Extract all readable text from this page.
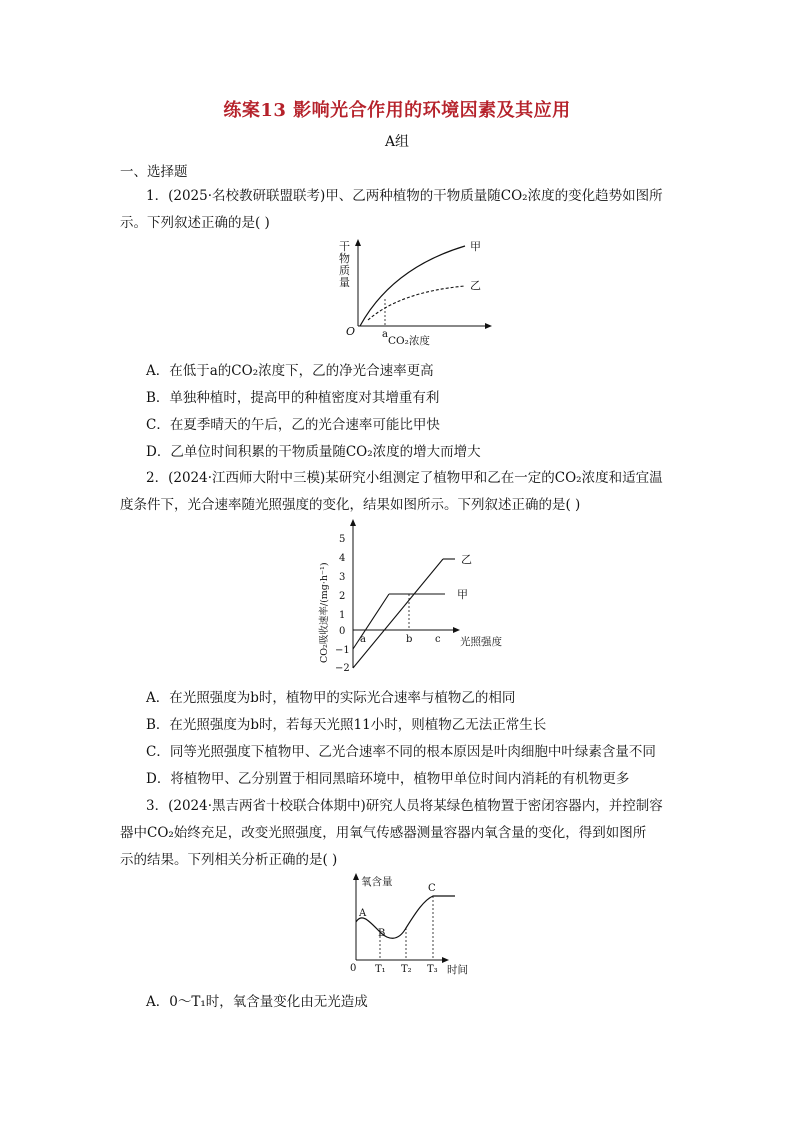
练案13 影响光合作用的环境因素及其应用
A组
一、选择题
1．(2025·名校教研联盟联考)甲、乙两种植物的干物质量随CO₂浓度的变化趋势如图所
示。下列叙述正确的是( )
干物质量
O
甲
乙
a
CO₂浓度
A．在低于a的CO₂浓度下，乙的净光合速率更高
B．单独种植时，提高甲的种植密度对其增重有利
C．在夏季晴天的午后，乙的光合速率可能比甲快
D．乙单位时间积累的干物质量随CO₂浓度的增大而增大
2．(2024·江西师大附中三模)某研究小组测定了植物甲和乙在一定的CO₂浓度和适宜温
度条件下，光合速率随光照强度的变化，结果如图所示。下列叙述正确的是( )
CO₂吸收速率/(mg·h⁻¹)
5
4
3
2
1
0
−1
−2
乙
甲
a	b c 光照强度
A．在光照强度为b时，植物甲的实际光合速率与植物乙的相同
B．在光照强度为b时，若每天光照11小时，则植物乙无法正常生长
C．同等光照强度下植物甲、乙光合速率不同的根本原因是叶肉细胞中叶绿素含量不同
D．将植物甲、乙分别置于相同黑暗环境中，植物甲单位时间内消耗的有机物更多
3．(2024·黑吉两省十校联合体期中)研究人员将某绿色植物置于密闭容器内，并控制容
器中CO₂始终充足，改变光照强度，用氧气传感器测量容器内氧含量的变化，得到如图所
示的结果。下列相关分析正确的是( )
氧含量
0
A
B
C
T₁ T₂ T₃ 时间
A．0～T₁时，氧含量变化由无光造成
